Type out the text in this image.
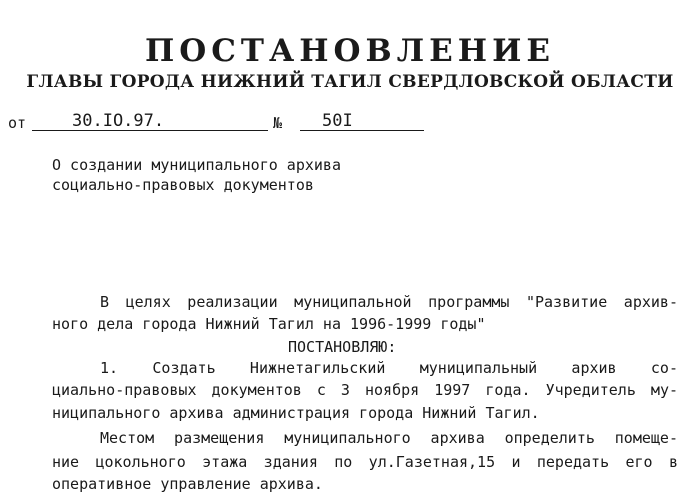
ПОСТАНОВЛЕНИЕ
ГЛАВЫ ГОРОДА НИЖНИЙ ТАГИЛ СВЕРДЛОВСКОЙ ОБЛАСТИ
от	30.IO.97.	№ 50I
О создании муниципального архива
социально-правовых документов
В целях реализации муниципальной программы "Развитие архив-
ного дела города Нижний Тагил на 1996-1999 годы"
ПОСТАНОВЛЯЮ:
1. Создать Нижнетагильский муниципальный архив со-
циально-правовых документов с 3 ноября 1997 года. Учредитель му-
ниципального архива администрация города Нижний Тагил.
Местом размещения муниципального архива определить помеще-
ние цокольного этажа здания по ул.Газетная,15 и передать его в
оперативное управление архива.
